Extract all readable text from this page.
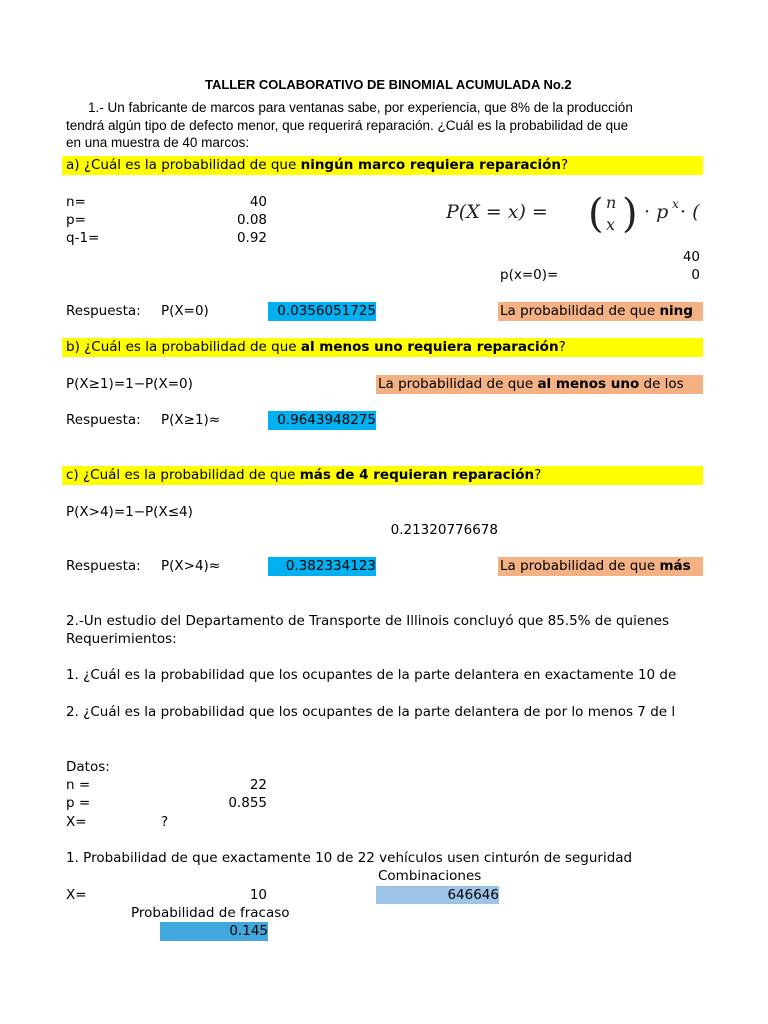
TALLER COLABORATIVO DE BINOMIAL ACUMULADA No.2
1.- Un fabricante de marcos para ventanas sabe, por experiencia, que 8% de la producción
tendrá algún tipo de defecto menor, que requerirá reparación. ¿Cuál es la probabilidad de que
en una muestra de 40 marcos:
a) ¿Cuál es la probabilidad de que ningún marco requiera reparación?
n=	40
p=	0.08
q-1=	0.92
P(X = x) = ( n
x ) · p x · (
40
p(x=0)=	0
Respuesta: P(X=0)	0.0356051725	La probabilidad de que ning
b) ¿Cuál es la probabilidad de que al menos uno requiera reparación?
P(X≥1)=1−P(X=0)	La probabilidad de que al menos uno de los
Respuesta: P(X≥1)≈	0.9643948275
c) ¿Cuál es la probabilidad de que más de 4 requieran reparación?
P(X>4)=1−P(X≤4)
0.21320776678
Respuesta: P(X>4)≈	0.382334123	La probabilidad de que más
2.-Un estudio del Departamento de Transporte de Illinois concluyó que 85.5% de quienes
Requerimientos:
1. ¿Cuál es la probabilidad que los ocupantes de la parte delantera en exactamente 10 de
2. ¿Cuál es la probabilidad que los ocupantes de la parte delantera de por lo menos 7 de l
Datos:
n =	22
p =	0.855
X=	?
1. Probabilidad de que exactamente 10 de 22 vehículos usen cinturón de seguridad
Combinaciones
X=	10	646646
Probabilidad de fracaso
0.145
